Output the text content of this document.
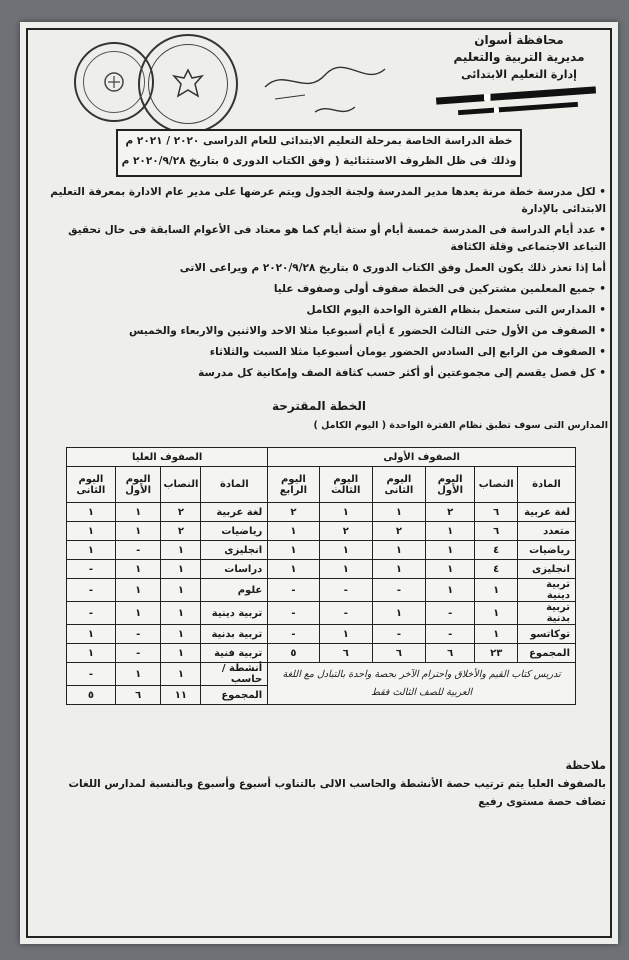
محافظة أسوان
مديرية التربية والتعليم
إدارة التعليم الابتدائى
خطة الدراسة الخاصة بمرحلة التعليم الابتدائى للعام الدراسى ٢٠٢٠ / ٢٠٢١ م
وذلك فى ظل الظروف الاستثنائية ( وفق الكتاب الدورى ٥ بتاريخ ٢٠٢٠/٩/٢٨ م

• لكل مدرسة خطة مرنة يعدها مدير المدرسة ولجنة الجدول ويتم عرضها على مدير عام الادارة بمعرفة التعليم الابتدائى بالإدارة

• عدد أيام الدراسة فى المدرسة خمسة أيام أو ستة أيام كما هو معتاد فى الأعوام السابقة فى حال تحقيق التباعد الاجتماعى وقلة الكثافة

أما إذا تعذر ذلك يكون العمل وفق الكتاب الدورى ٥ بتاريخ ٢٠٢٠/٩/٢٨ م ويراعى الاتى

• جميع المعلمين مشتركين فى الخطة صفوف أولى وصفوف عليا

• المدارس التى ستعمل بنظام الفترة الواحدة اليوم الكامل

• الصفوف من الأول حتى الثالث الحضور ٤ أيام أسبوعيا مثلا الاحد والاثنين والاربعاء والخميس

• الصفوف من الرابع إلى السادس الحضور يومان أسبوعيا مثلا السبت والثلاثاء

• كل فصل يقسم إلى مجموعتين أو أكثر حسب كثافة الصف وإمكانية كل مدرسة

الخطة المقترحة
المدارس التى سوف تطبق نظام الفترة الواحدة ( اليوم الكامل )
الصفوف الأولى						الصفوف العليا			
المادة	النصاب	اليوم الأول	اليوم الثانى	اليوم الثالث	اليوم الرابع	المادة	النصاب	اليوم الأول	اليوم الثانى
لغة عربية	٦	٢	١	١	٢	لغة عربية	٢	١	١
متعدد	٦	١	٢	٢	١	رياضيات	٢	١	١
رياضيات	٤	١	١	١	١	انجليزى	١	-	١
انجليزى	٤	١	١	١	١	دراسات	١	١	-
تربية دينية	١	١	-	-	-	علوم	١	١	-
تربية بدنية	١	-	١	-	-	تربية دينية	١	١	-
توكاتسو	١	-	-	١	-	تربية بدنية	١	-	١
المجموع	٢٣	٦	٦	٦	٥	تربية فنية	١	-	١
تدريس كتاب القيم والأخلاق واحترام الآخر بحصة واحدة بالتبادل مع اللغة العربية للصف الثالث فقط						أنشطة / حاسب	١	١	-
						المجموع	١١	٦	٥

ملاحظة

بالصفوف العليا يتم ترتيب حصة الأنشطة والحاسب الالى بالتناوب أسبوع وأسبوع وبالنسبة لمدارس اللغات تضاف حصة مستوى رفيع
